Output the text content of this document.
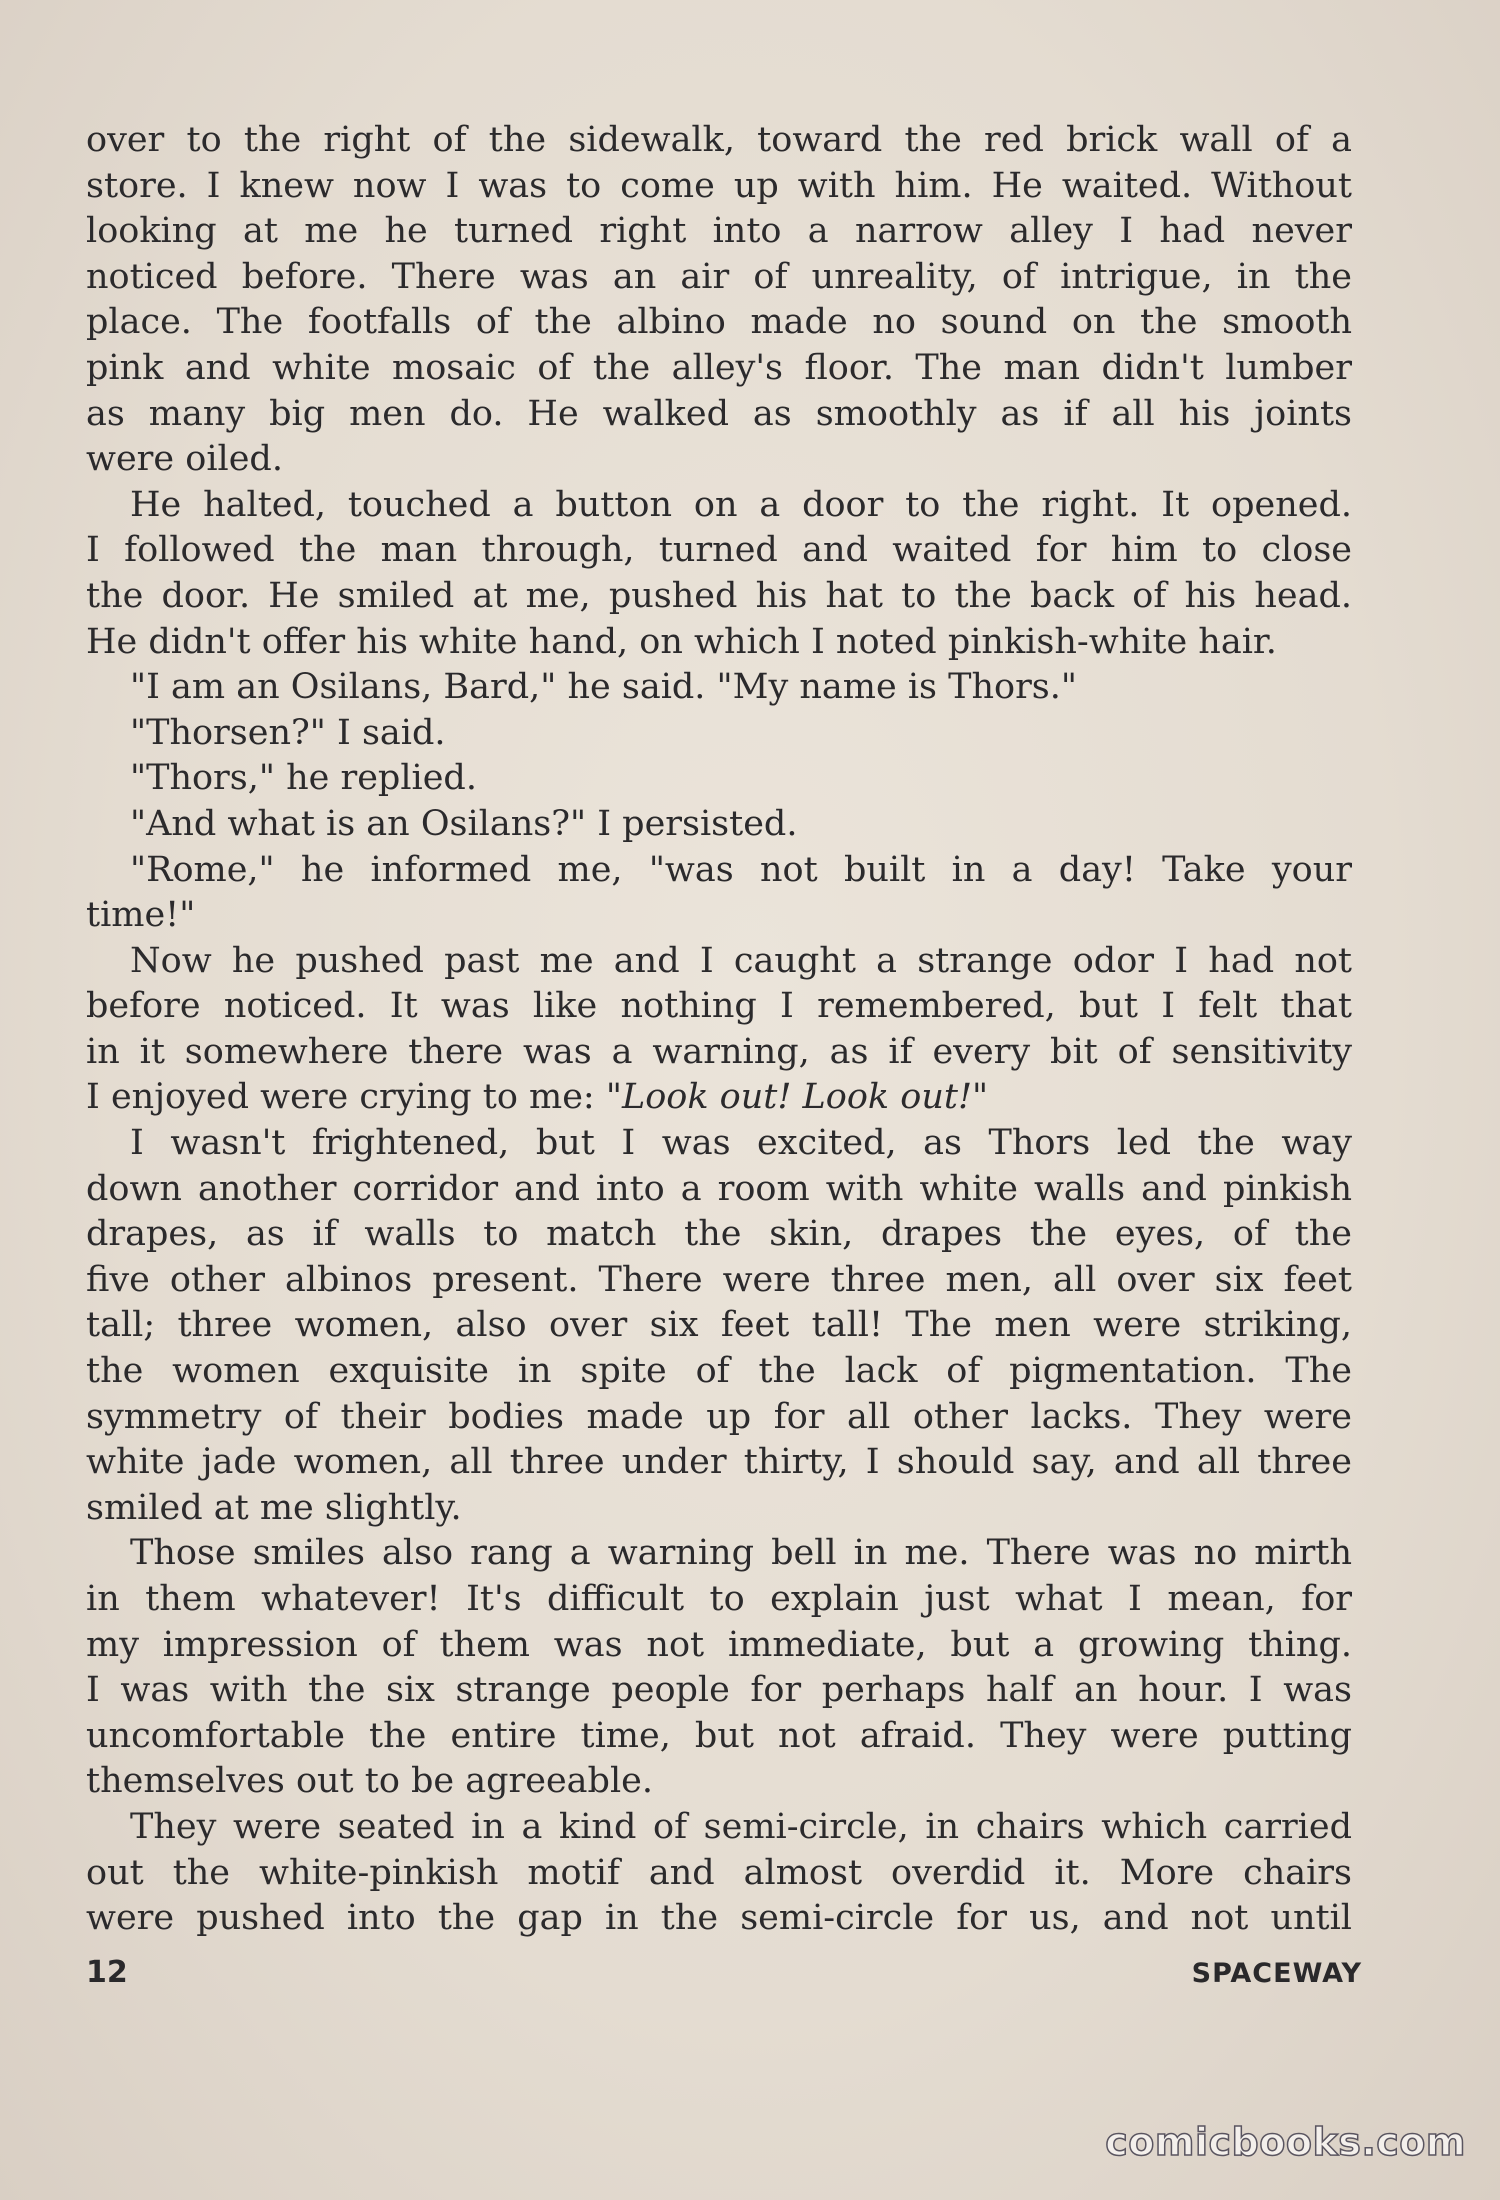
over to the right of the sidewalk, toward the red brick wall of a
store. I knew now I was to come up with him. He waited. Without
looking at me he turned right into a narrow alley I had never
noticed before. There was an air of unreality, of intrigue, in the
place. The footfalls of the albino made no sound on the smooth
pink and white mosaic of the alley's floor. The man didn't lumber
as many big men do. He walked as smoothly as if all his joints
were oiled.
He halted, touched a button on a door to the right. It opened.
I followed the man through, turned and waited for him to close
the door. He smiled at me, pushed his hat to the back of his head.
He didn't offer his white hand, on which I noted pinkish-white hair.
"I am an Osilans, Bard," he said. "My name is Thors."
"Thorsen?" I said.
"Thors," he replied.
"And what is an Osilans?" I persisted.
"Rome," he informed me, "was not built in a day! Take your
time!"
Now he pushed past me and I caught a strange odor I had not
before noticed. It was like nothing I remembered, but I felt that
in it somewhere there was a warning, as if every bit of sensitivity
I enjoyed were crying to me: "Look out! Look out!"
I wasn't frightened, but I was excited, as Thors led the way
down another corridor and into a room with white walls and pinkish
drapes, as if walls to match the skin, drapes the eyes, of the
five other albinos present. There were three men, all over six feet
tall; three women, also over six feet tall! The men were striking,
the women exquisite in spite of the lack of pigmentation. The
symmetry of their bodies made up for all other lacks. They were
white jade women, all three under thirty, I should say, and all three
smiled at me slightly.
Those smiles also rang a warning bell in me. There was no mirth
in them whatever! It's difficult to explain just what I mean, for
my impression of them was not immediate, but a growing thing.
I was with the six strange people for perhaps half an hour. I was
uncomfortable the entire time, but not afraid. They were putting
themselves out to be agreeable.
They were seated in a kind of semi-circle, in chairs which carried
out the white-pinkish motif and almost overdid it. More chairs
were pushed into the gap in the semi-circle for us, and not until
12	SPACEWAY
comicbooks.com
